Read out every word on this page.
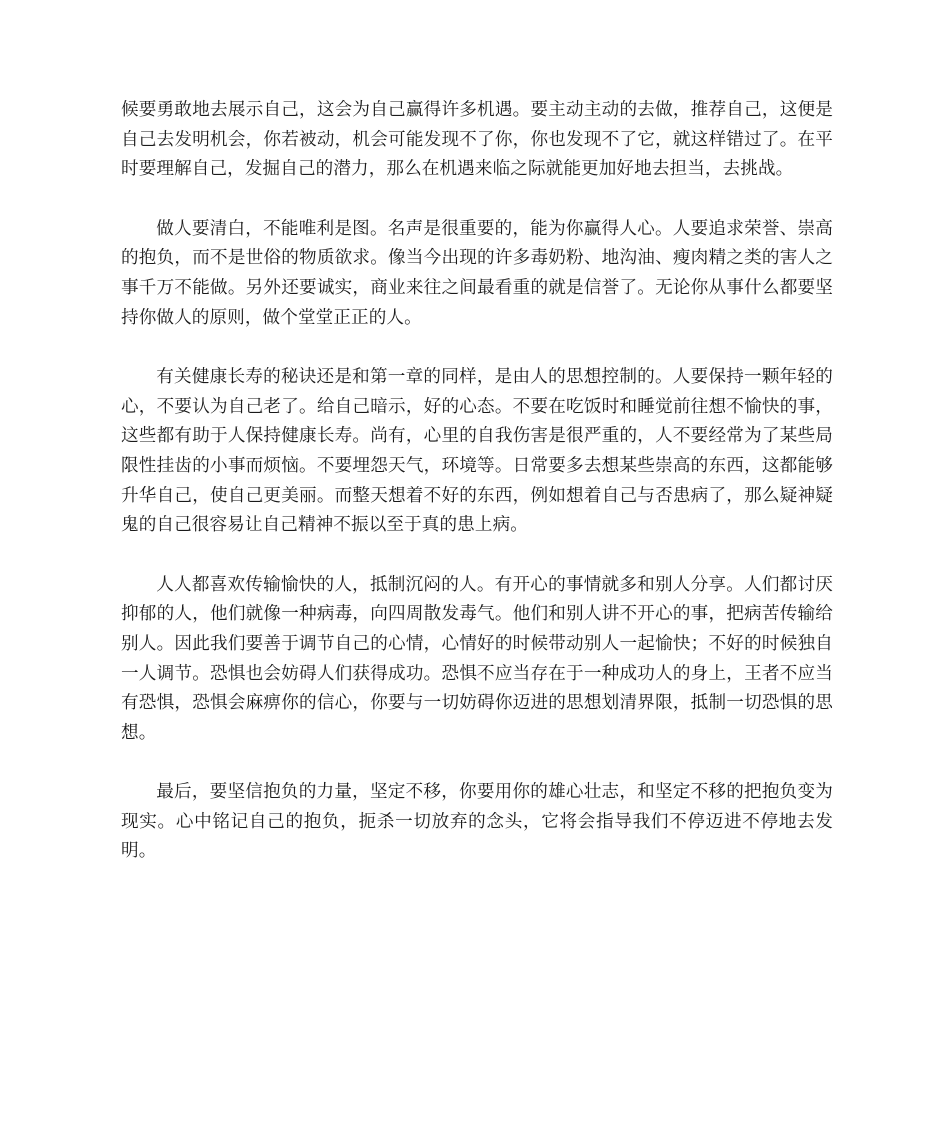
候要勇敢地去展示自己，这会为自己赢得许多机遇。要主动主动的去做，推荐自己，这便是自己去发明机会，你若被动，机会可能发现不了你，你也发现不了它，就这样错过了。在平时要理解自己，发掘自己的潜力，那么在机遇来临之际就能更加好地去担当，去挑战。

做人要清白，不能唯利是图。名声是很重要的，能为你赢得人心。人要追求荣誉、崇高的抱负，而不是世俗的物质欲求。像当今出现的许多毒奶粉、地沟油、瘦肉精之类的害人之事千万不能做。另外还要诚实，商业来往之间最看重的就是信誉了。无论你从事什么都要坚持你做人的原则，做个堂堂正正的人。

有关健康长寿的秘诀还是和第一章的同样，是由人的思想控制的。人要保持一颗年轻的心，不要认为自己老了。给自己暗示，好的心态。不要在吃饭时和睡觉前往想不愉快的事，这些都有助于人保持健康长寿。尚有，心里的自我伤害是很严重的，人不要经常为了某些局限性挂齿的小事而烦恼。不要埋怨天气，环境等。日常要多去想某些崇高的东西，这都能够升华自己，使自己更美丽。而整天想着不好的东西，例如想着自己与否患病了，那么疑神疑鬼的自己很容易让自己精神不振以至于真的患上病。

人人都喜欢传输愉快的人，抵制沉闷的人。有开心的事情就多和别人分享。人们都讨厌抑郁的人，他们就像一种病毒，向四周散发毒气。他们和别人讲不开心的事，把病苦传输给别人。因此我们要善于调节自己的心情，心情好的时候带动别人一起愉快；不好的时候独自一人调节。恐惧也会妨碍人们获得成功。恐惧不应当存在于一种成功人的身上，王者不应当有恐惧，恐惧会麻痹你的信心，你要与一切妨碍你迈进的思想划清界限，抵制一切恐惧的思想。

最后，要坚信抱负的力量，坚定不移，你要用你的雄心壮志，和坚定不移的把抱负变为现实。心中铭记自己的抱负，扼杀一切放弃的念头，它将会指导我们不停迈进不停地去发明。
